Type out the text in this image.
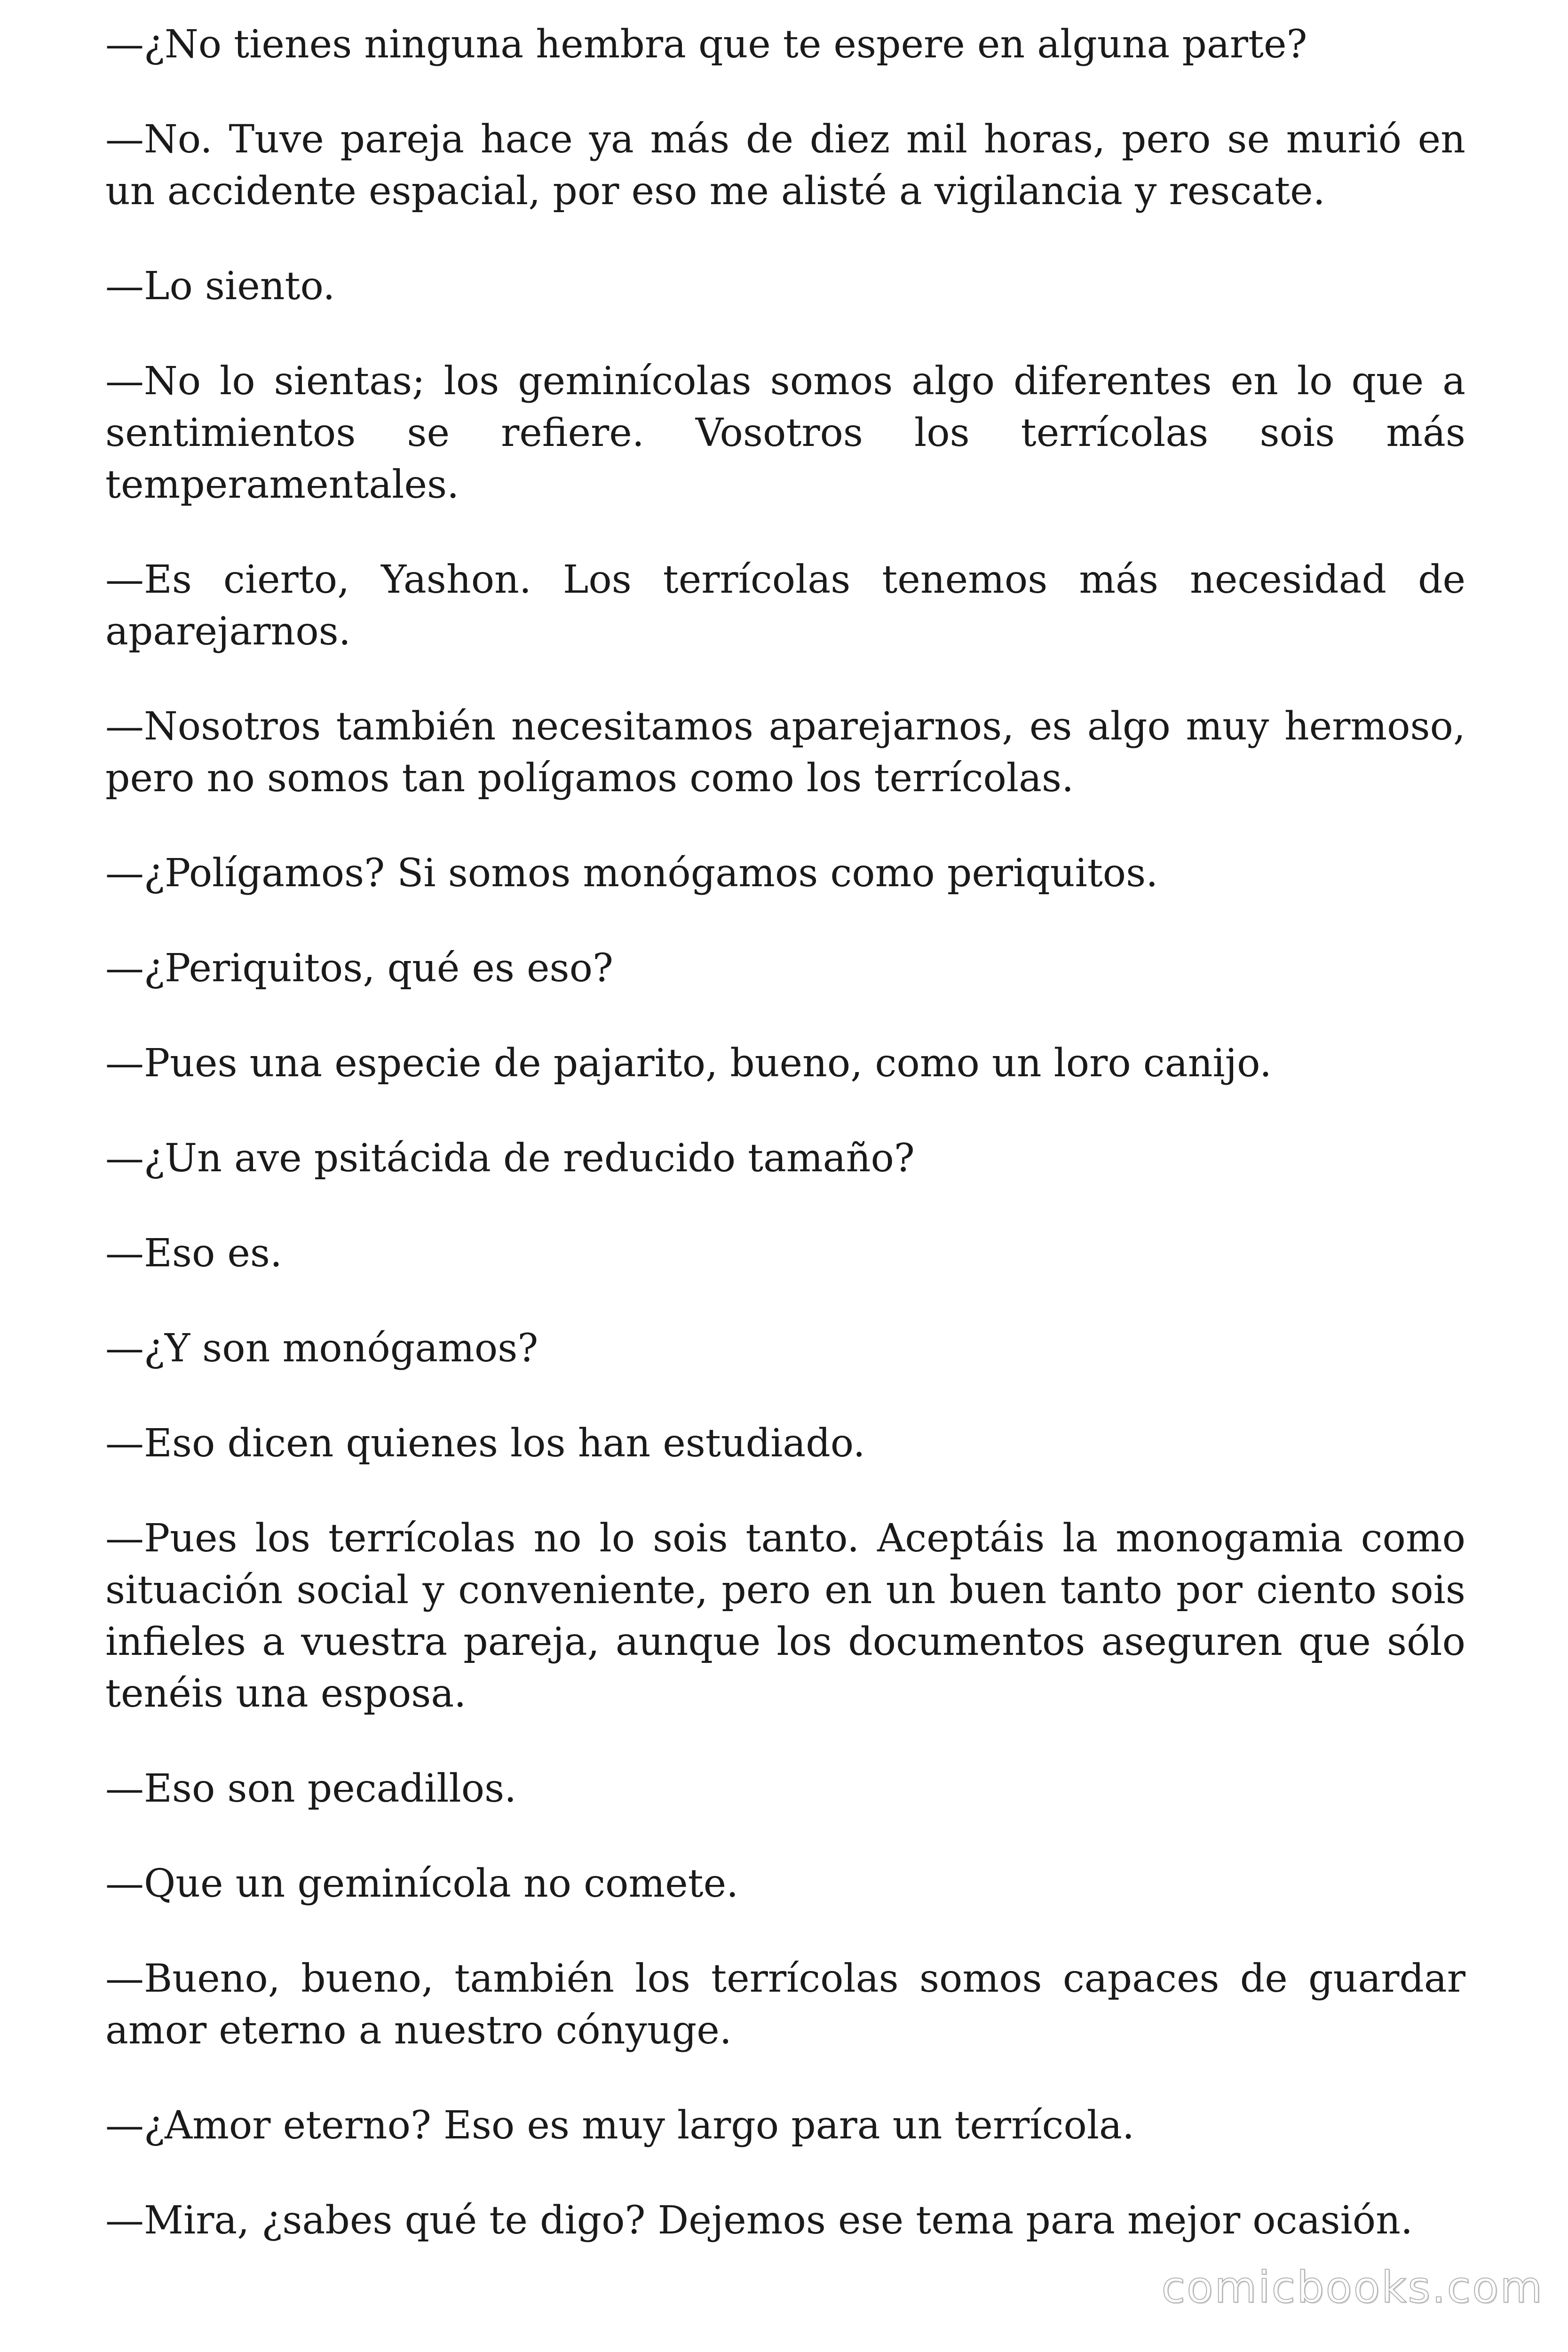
—¿No tienes ninguna hembra que te espere en alguna parte?

—No. Tuve pareja hace ya más de diez mil horas, pero se murió en un accidente espacial, por eso me alisté a vigilancia y rescate.

—Lo siento.

—No lo sientas; los geminícolas somos algo diferentes en lo que a sentimientos se refiere. Vosotros los terrícolas sois más temperamentales.

—Es cierto, Yashon. Los terrícolas tenemos más necesidad de aparejarnos.

—Nosotros también necesitamos aparejarnos, es algo muy hermoso, pero no somos tan polígamos como los terrícolas.

—¿Polígamos? Si somos monógamos como periquitos.

—¿Periquitos, qué es eso?

—Pues una especie de pajarito, bueno, como un loro canijo.

—¿Un ave psitácida de reducido tamaño?

—Eso es.

—¿Y son monógamos?

—Eso dicen quienes los han estudiado.

—Pues los terrícolas no lo sois tanto. Aceptáis la monogamia como situación social y conveniente, pero en un buen tanto por ciento sois infieles a vuestra pareja, aunque los documentos aseguren que sólo tenéis una esposa.

—Eso son pecadillos.

—Que un geminícola no comete.

—Bueno, bueno, también los terrícolas somos capaces de guardar amor eterno a nuestro cónyuge.

—¿Amor eterno? Eso es muy largo para un terrícola.

—Mira, ¿sabes qué te digo? Dejemos ese tema para mejor ocasión.

comicbooks.com
